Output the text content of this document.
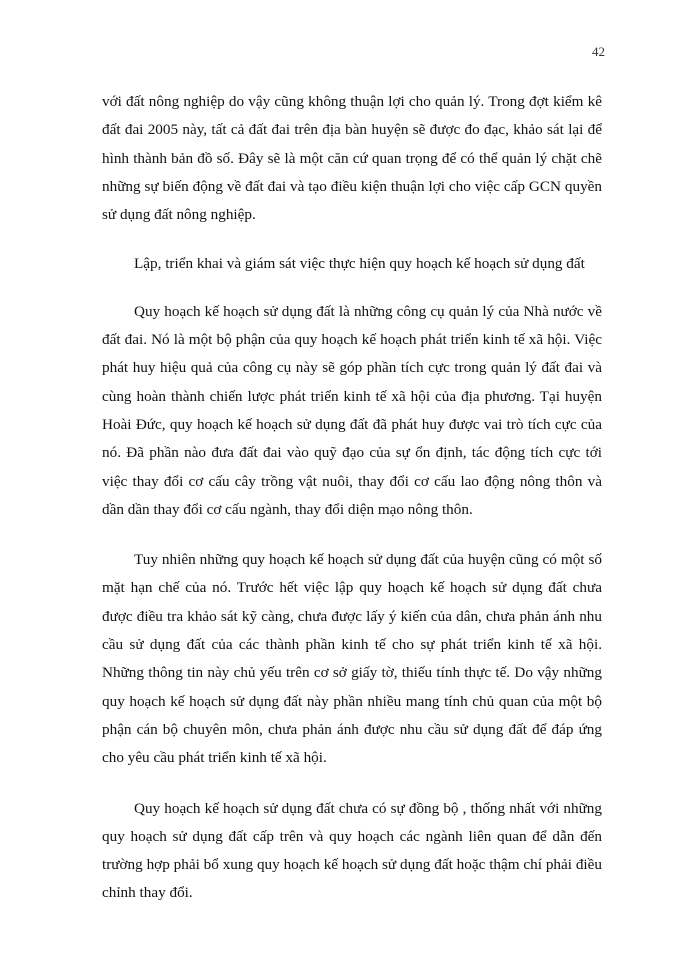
42

với đất nông nghiệp do vậy cũng không thuận lợi cho quản lý. Trong đợt kiểm kê đất đai 2005 này, tất cả đất đai trên địa bàn huyện sẽ được đo đạc, khảo sát lại để hình thành bản đồ số. Đây sẽ là một căn cứ quan trọng để có thể quản lý chặt chẽ những sự biến động về đất đai và tạo điều kiện thuận lợi cho việc cấp GCN quyền sử dụng đất nông nghiệp.

Lập, triển khai và giám sát việc thực hiện quy hoạch kế hoạch sử dụng đất

Quy hoạch kế hoạch sử dụng đất là những công cụ quản lý của Nhà nước về đất đai. Nó là một bộ phận của quy hoạch kế hoạch phát triển kinh tế xã hội. Việc phát huy hiệu quả của công cụ này sẽ góp phần tích cực trong quản lý đất đai và cùng hoàn thành chiến lược phát triển kinh tế xã hội của địa phương. Tại huyện Hoài Đức, quy hoạch kế hoạch sử dụng đất đã phát huy được vai trò tích cực của nó. Đã phần nào đưa đất đai vào quỹ đạo của sự ổn định, tác động tích cực tới việc thay đổi cơ cấu cây trồng vật nuôi, thay đổi cơ cấu lao động nông thôn và dần dần thay đổi cơ cấu ngành, thay đổi diện mạo nông thôn.

Tuy nhiên những quy hoạch kế hoạch sử dụng đất của huyện cũng có một số mặt hạn chế của nó. Trước hết việc lập quy hoạch kế hoạch sử dụng đất chưa được điều tra khảo sát kỹ càng, chưa được lấy ý kiến của dân, chưa phản ánh nhu cầu sử dụng đất của các thành phần kinh tế cho sự phát triển kinh tế xã hội. Những thông tin này chủ yếu trên cơ sở giấy tờ, thiếu tính thực tế. Do vậy những quy hoạch kế hoạch sử dụng đất này phần nhiều mang tính chủ quan của một bộ phận cán bộ chuyên môn, chưa phản ánh được nhu cầu sử dụng đất để đáp ứng cho yêu cầu phát triển kinh tế xã hội.

Quy hoạch kế hoạch sử dụng đất chưa có sự đồng bộ , thống nhất với những quy hoạch sử dụng đất cấp trên và quy hoạch các ngành liên quan để dẫn đến trường hợp phải bổ xung quy hoạch kế hoạch sử dụng đất hoặc thậm chí phải điều chỉnh thay đổi.
